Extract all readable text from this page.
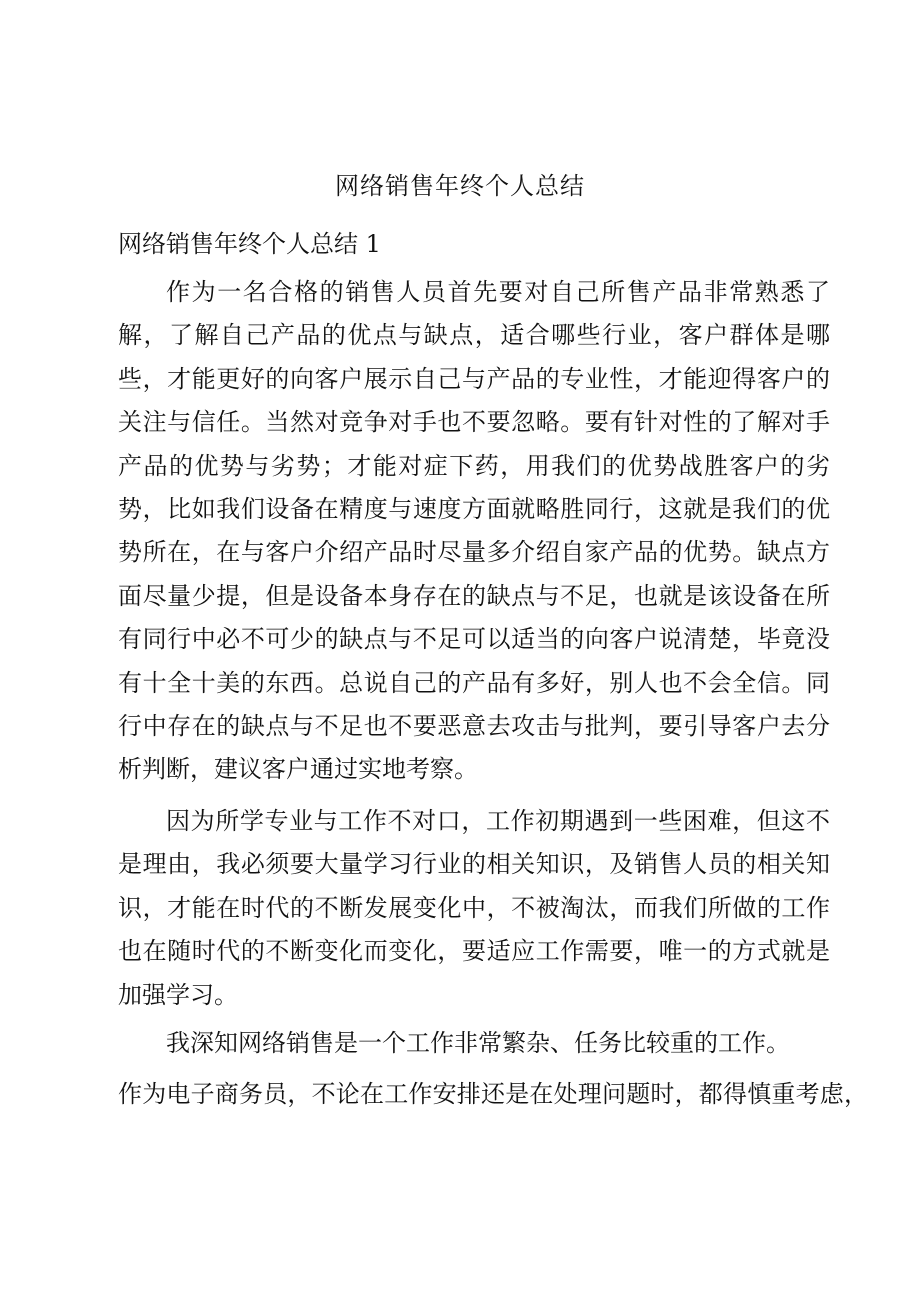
网络销售年终个人总结
网络销售年终个人总结 1

作为一名合格的销售人员首先要对自己所售产品非常熟悉了解，了解自己产品的优点与缺点，适合哪些行业，客户群体是哪些，才能更好的向客户展示自己与产品的专业性，才能迎得客户的关注与信任。当然对竞争对手也不要忽略。要有针对性的了解对手产品的优势与劣势；才能对症下药，用我们的优势战胜客户的劣势，比如我们设备在精度与速度方面就略胜同行，这就是我们的优势所在，在与客户介绍产品时尽量多介绍自家产品的优势。缺点方面尽量少提，但是设备本身存在的缺点与不足，也就是该设备在所有同行中必不可少的缺点与不足可以适当的向客户说清楚，毕竟没有十全十美的东西。总说自己的产品有多好，别人也不会全信。同行中存在的缺点与不足也不要恶意去攻击与批判，要引导客户去分析判断，建议客户通过实地考察。

因为所学专业与工作不对口，工作初期遇到一些困难，但这不是理由，我必须要大量学习行业的相关知识，及销售人员的相关知识，才能在时代的不断发展变化中，不被淘汰，而我们所做的工作也在随时代的不断变化而变化，要适应工作需要，唯一的方式就是加强学习。

我深知网络销售是一个工作非常繁杂、任务比较重的工作。

作为电子商务员，不论在工作安排还是在处理问题时，都得慎重考虑，
